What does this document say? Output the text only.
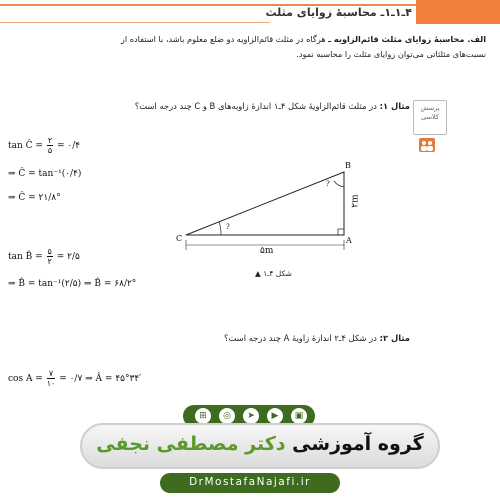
۴ـ۱ـ۱ـ محاسبهٔ زوایای مثلث
الف. محاسبهٔ زوایای مثلث قائم‌الزاویه ـ هرگاه در مثلث قائم‌الزاویه دو ضلع معلوم باشد، با استفاده از
نسبت‌های مثلثاتی می‌توان زوایای مثلث را محاسبه نمود.
پرسش
کلاسی
مثال ۱: در مثلث قائم‌الزاویهٔ شکل ۴ـ۱ اندازهٔ زاویه‌های B و C چند درجه است؟
B
A
C
۲m
۵m
?
?
شکل ۴ـ۱ ▲
tan Ĉ = $\frac{۲}{۵}$ = ۰/۴
⇒ Ĉ = tan⁻¹(۰/۴)
⇒ Ĉ = ۲۱/۸°
tan B̂ = $\frac{۵}{۲}$ = ۲/۵
⇒ B̂ = tan⁻¹(۲/۵) ⇒ B̂ = ۶۸/۲°
مثال ۲: در شکل ۴ـ۲ اندازهٔ زاویهٔ A چند درجه است؟
$\cos A = \frac{۷}{۱۰}$ = ۰/۷ ⇒ Â = ۴۵°۳۴′
⊞	◎	➤	▶	▣
گروه آموزشی دکتر مصطفی نجفی
DrMostafaNajafi.ir
